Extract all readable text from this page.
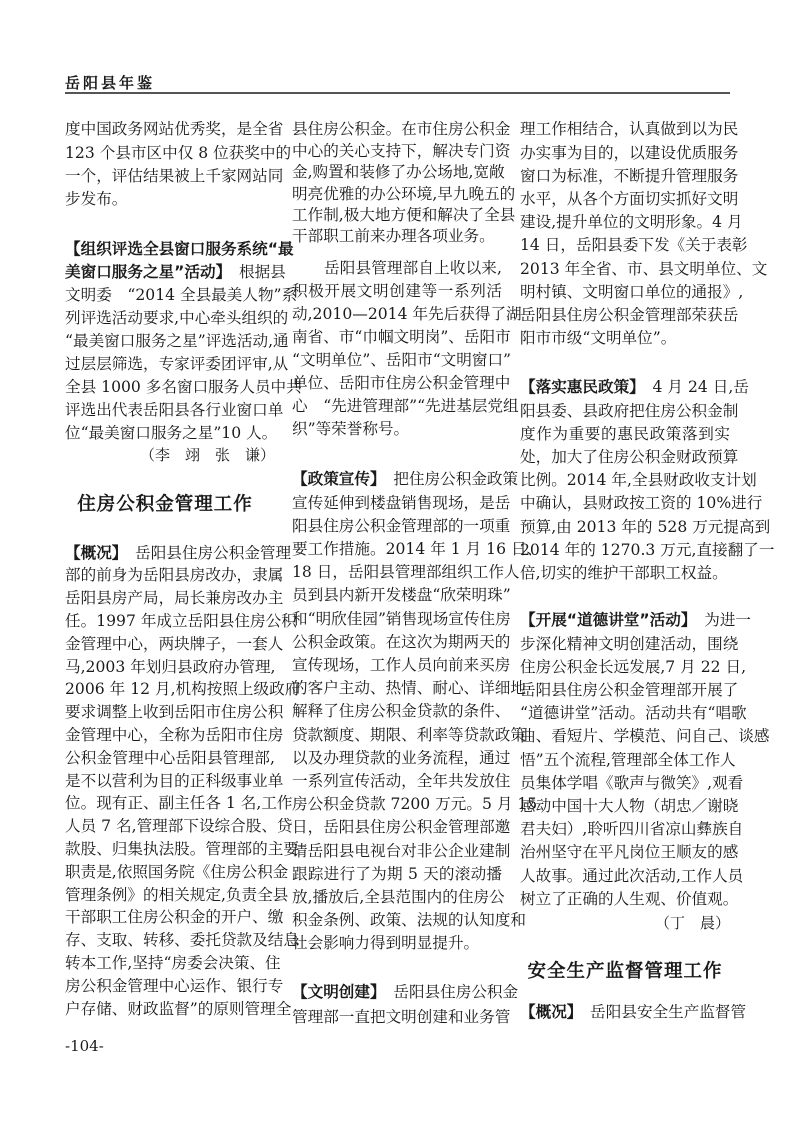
岳阳县年鉴
度中国政务网站优秀奖，是全省
123 个县市区中仅 8 位获奖中的
一个，评估结果被上千家网站同
步发布。
【组织评选全县窗口服务系统“最
美窗口服务之星”活动】　根据县
文明委　“2014 全县最美人物”系
列评选活动要求,中心牵头组织的
“最美窗口服务之星”评选活动,通
过层层筛选，专家评委团评审,从
全县 1000 多名窗口服务人员中共
评选出代表岳阳县各行业窗口单
位“最美窗口服务之星”10 人。
【概况】　岳阳县住房公积金管理
部的前身为岳阳县房改办，隶属
岳阳县房产局，局长兼房改办主
任。1997 年成立岳阳县住房公积
金管理中心，两块牌子，一套人
马,2003 年划归县政府办管理,
2006 年 12 月,机构按照上级政府
要求调整上收到岳阳市住房公积
金管理中心，全称为岳阳市住房
公积金管理中心岳阳县管理部,
是不以营利为目的正科级事业单
位。现有正、副主任各 1 名,工作
人员 7 名,管理部下设综合股、贷
款股、归集执法股。管理部的主要
职责是,依照国务院《住房公积金
管理条例》的相关规定,负责全县
干部职工住房公积金的开户、缴
存、支取、转移、委托贷款及结息
转本工作,坚持“房委会决策、住
房公积金管理中心运作、银行专
户存储、财政监督”的原则管理全
县住房公积金。在市住房公积金
中心的关心支持下，解决专门资
金,购置和装修了办公场地,宽敞
明亮优雅的办公环境,早九晚五的
工作制,极大地方便和解决了全县
干部职工前来办理各项业务。
岳阳县管理部自上收以来,
积极开展文明创建等一系列活
动,2010—2014 年先后获得了湖
南省、市“巾帼文明岗”、岳阳市
“文明单位”、岳阳市“文明窗口”
单位、岳阳市住房公积金管理中
心　“先进管理部”“先进基层党组
织”等荣誉称号。
【政策宣传】　把住房公积金政策
宣传延伸到楼盘销售现场，是岳
阳县住房公积金管理部的一项重
要工作措施。2014 年 1 月 16 日、
18 日，岳阳县管理部组织工作人
员到县内新开发楼盘“欣荣明珠”
和“明欣佳园”销售现场宣传住房
公积金政策。在这次为期两天的
宣传现场，工作人员向前来买房
的客户主动、热情、耐心、详细地
解释了住房公积金贷款的条件、
贷款额度、期限、利率等贷款政策
以及办理贷款的业务流程，通过
一系列宣传活动，全年共发放住
房公积金贷款 7200 万元。5 月 15
日，岳阳县住房公积金管理部邀
请岳阳县电视台对非公企业建制
跟踪进行了为期 5 天的滚动播
放,播放后,全县范围内的住房公
积金条例、政策、法规的认知度和
社会影响力得到明显提升。
【文明创建】　岳阳县住房公积金
管理部一直把文明创建和业务管
理工作相结合，认真做到以为民
办实事为目的，以建设优质服务
窗口为标准，不断提升管理服务
水平，从各个方面切实抓好文明
建设,提升单位的文明形象。4 月
14 日，岳阳县委下发《关于表彰
2013 年全省、市、县文明单位、文
明村镇、文明窗口单位的通报》,
岳阳县住房公积金管理部荣获岳
阳市市级“文明单位”。
【落实惠民政策】　4 月 24 日,岳
阳县委、县政府把住房公积金制
度作为重要的惠民政策落到实
处，加大了住房公积金财政预算
比例。2014 年,全县财政收支计划
中确认，县财政按工资的 10%进行
预算,由 2013 年的 528 万元提高到
2014 年的 1270.3 万元,直接翻了一
倍,切实的维护干部职工权益。
【开展“道德讲堂”活动】　为进一
步深化精神文明创建活动，围绕
住房公积金长远发展,7 月 22 日,
岳阳县住房公积金管理部开展了
“道德讲堂”活动。活动共有“唱歌
曲、看短片、学模范、问自己、谈感
悟”五个流程,管理部全体工作人
员集体学唱《歌声与微笑》,观看
感动中国十大人物（胡忠／谢晓
君夫妇）,聆听四川省凉山彝族自
治州坚守在平凡岗位王顺友的感
人故事。通过此次活动,工作人员
树立了正确的人生观、价值观。
【概况】　岳阳县安全生产监督管
（李　翊　张　谦）
住房公积金管理工作
-104-
（丁　晨）
安全生产监督管理工作
